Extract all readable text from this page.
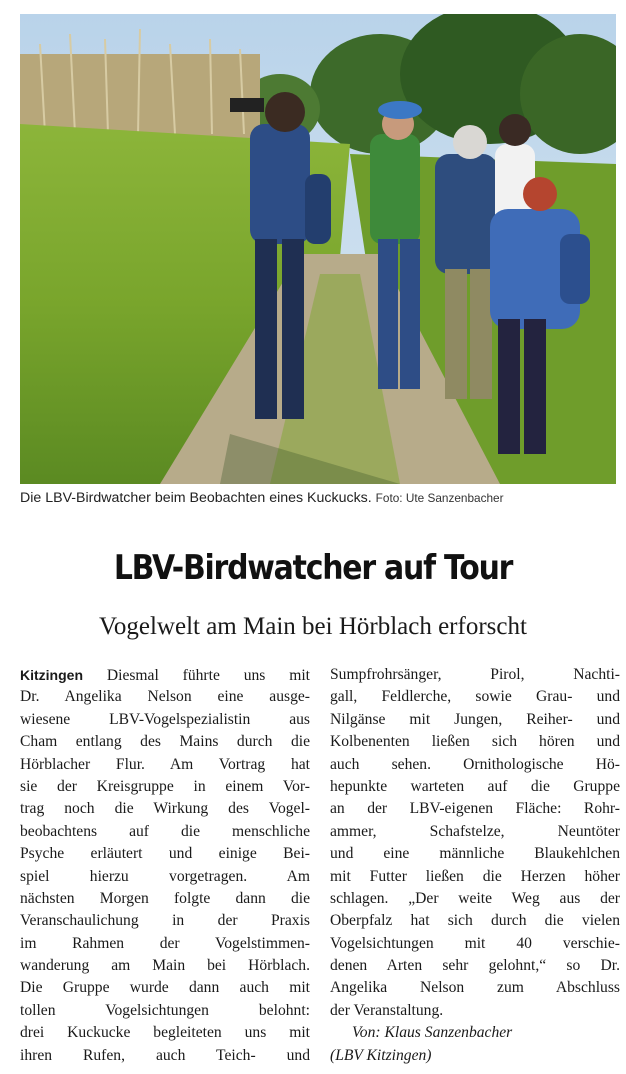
Die LBV-Birdwatcher beim Beobachten eines Kuckucks. Foto: Ute Sanzenbacher
LBV-Birdwatcher auf Tour
Vogelwelt am Main bei Hörblach erforscht
Kitzingen Diesmal führte uns mit
Dr. Angelika Nelson eine ausge-
wiesene LBV-Vogelspezialistin aus
Cham entlang des Mains durch die
Hörblacher Flur. Am Vortrag hat
sie der Kreisgruppe in einem Vor-
trag noch die Wirkung des Vogel-
beobachtens auf die menschliche
Psyche erläutert und einige Bei-
spiel hierzu vorgetragen. Am
nächsten Morgen folgte dann die
Veranschaulichung in der Praxis
im Rahmen der Vogelstimmen-
wanderung am Main bei Hörblach.
Die Gruppe wurde dann auch mit
tollen Vogelsichtungen belohnt:
drei Kuckucke begleiteten uns mit
ihren Rufen, auch Teich- und
Sumpfrohrsänger, Pirol, Nachti-
gall, Feldlerche, sowie Grau- und
Nilgänse mit Jungen, Reiher- und
Kolbenenten ließen sich hören und
auch sehen. Ornithologische Hö-
hepunkte warteten auf die Gruppe
an der LBV-eigenen Fläche: Rohr-
ammer, Schafstelze, Neuntöter
und eine männliche Blaukehlchen
mit Futter ließen die Herzen höher
schlagen. „Der weite Weg aus der
Oberpfalz hat sich durch die vielen
Vogelsichtungen mit 40 verschie-
denen Arten sehr gelohnt,“ so Dr.
Angelika Nelson zum Abschluss
der Veranstaltung.
Von: Klaus Sanzenbacher
(LBV Kitzingen)
